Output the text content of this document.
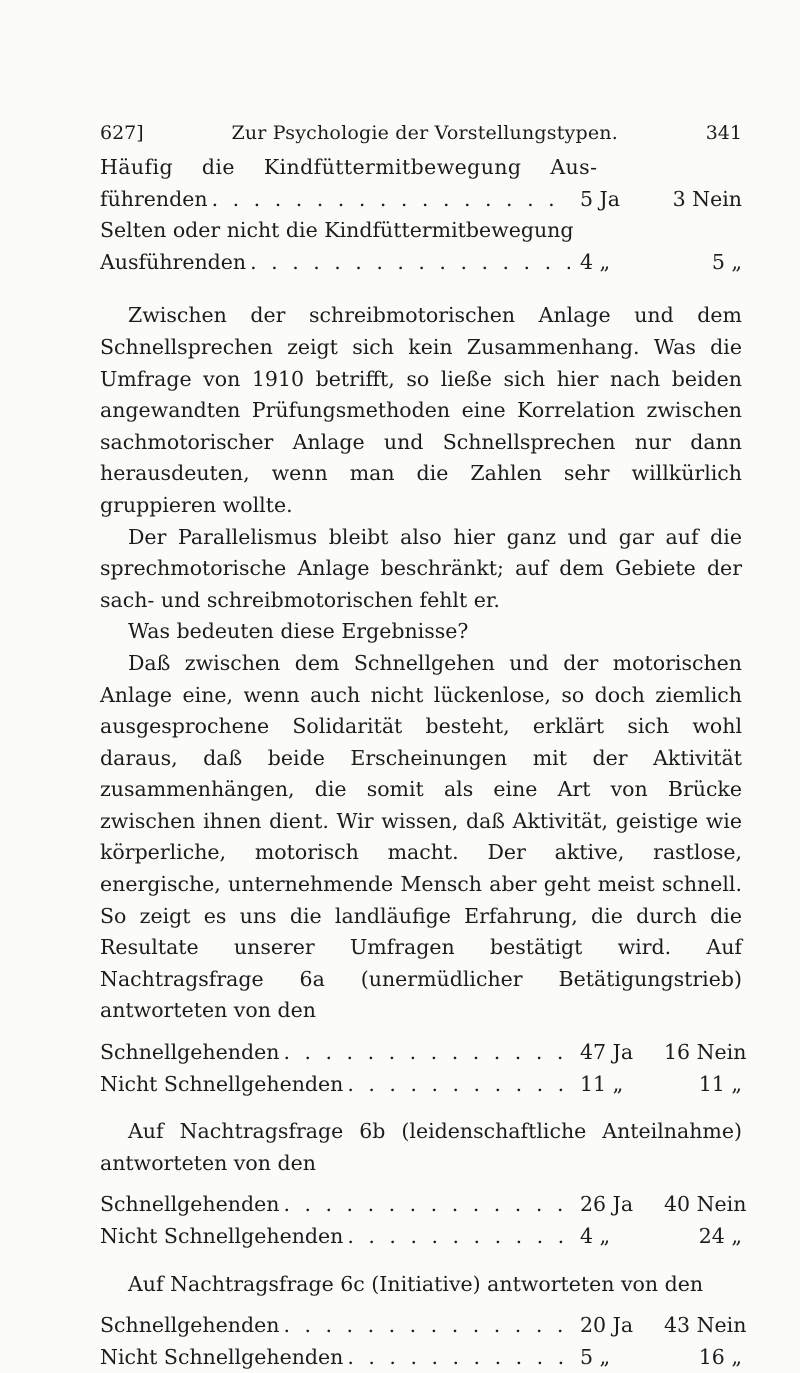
627]	Zur Psychologie der Vorstellungstypen.	341
Häufig die Kindfüttermitbewegung Aus-
führenden . . .	5 Ja	3 Nein
Selten oder nicht die Kindfüttermitbewegung
Ausführenden . . .	4 „	5 „

Zwischen der schreibmotorischen Anlage und dem Schnellsprechen zeigt sich kein Zusammenhang. Was die Umfrage von 1910 betrifft, so ließe sich hier nach beiden angewandten Prüfungsmethoden eine Korrelation zwischen sachmotorischer Anlage und Schnellsprechen nur dann herausdeuten, wenn man die Zahlen sehr willkürlich gruppieren wollte.

Der Parallelismus bleibt also hier ganz und gar auf die sprechmotorische Anlage beschränkt; auf dem Gebiete der sach- und schreibmotorischen fehlt er.

Was bedeuten diese Ergebnisse?

Daß zwischen dem Schnellgehen und der motorischen Anlage eine, wenn auch nicht lückenlose, so doch ziemlich ausgesprochene Solidarität besteht, erklärt sich wohl daraus, daß beide Erscheinungen mit der Aktivität zusammenhängen, die somit als eine Art von Brücke zwischen ihnen dient. Wir wissen, daß Aktivität, geistige wie körperliche, motorisch macht. Der aktive, rastlose, energische, unternehmende Mensch aber geht meist schnell. So zeigt es uns die landläufige Erfahrung, die durch die Resultate unserer Umfragen bestätigt wird. Auf Nachtragsfrage 6a (unermüdlicher Betätigungstrieb) antworteten von den

Schnellgehenden . . .	47 Ja	16 Nein
Nicht Schnellgehenden . . .	11 „	11 „

Auf Nachtragsfrage 6b (leidenschaftliche Anteilnahme) antworteten von den

Schnellgehenden . . .	26 Ja	40 Nein
Nicht Schnellgehenden . . .	4 „	24 „

Auf Nachtragsfrage 6c (Initiative) antworteten von den

Schnellgehenden . . .	20 Ja	43 Nein
Nicht Schnellgehenden . . .	5 „	16 „
